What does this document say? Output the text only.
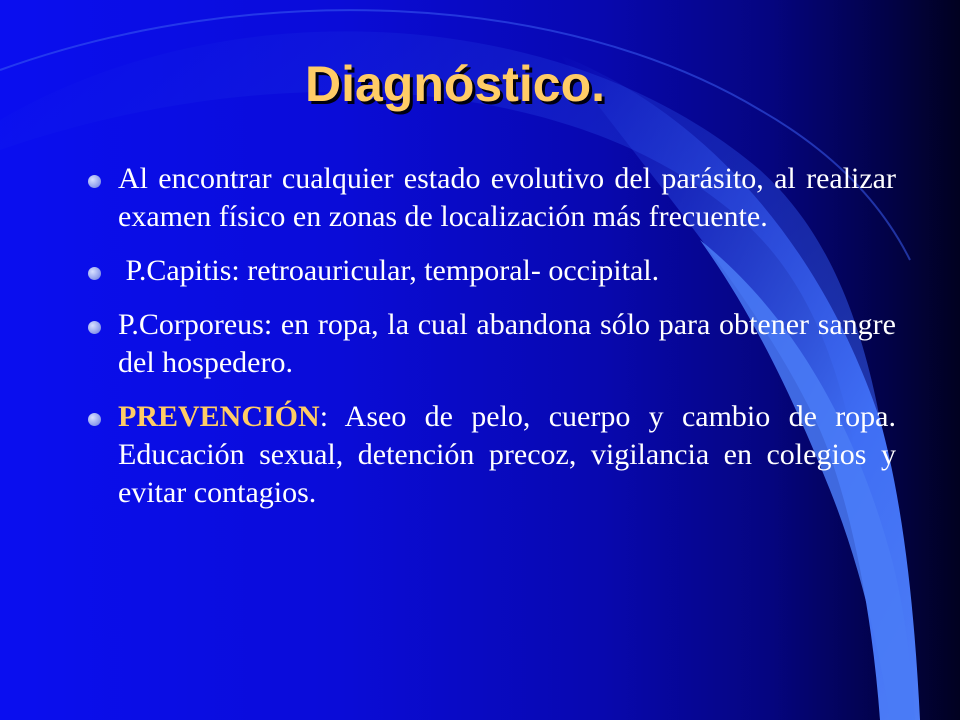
Diagnóstico.
Al encontrar cualquier estado evolutivo del parásito, al realizar examen físico en zonas de localización más frecuente.
P.Capitis: retroauricular, temporal- occipital.
P.Corporeus: en ropa, la cual abandona sólo para obtener sangre del hospedero.
PREVENCIÓN: Aseo de pelo, cuerpo y cambio de ropa. Educación sexual, detención precoz, vigilancia en colegios y evitar contagios.
